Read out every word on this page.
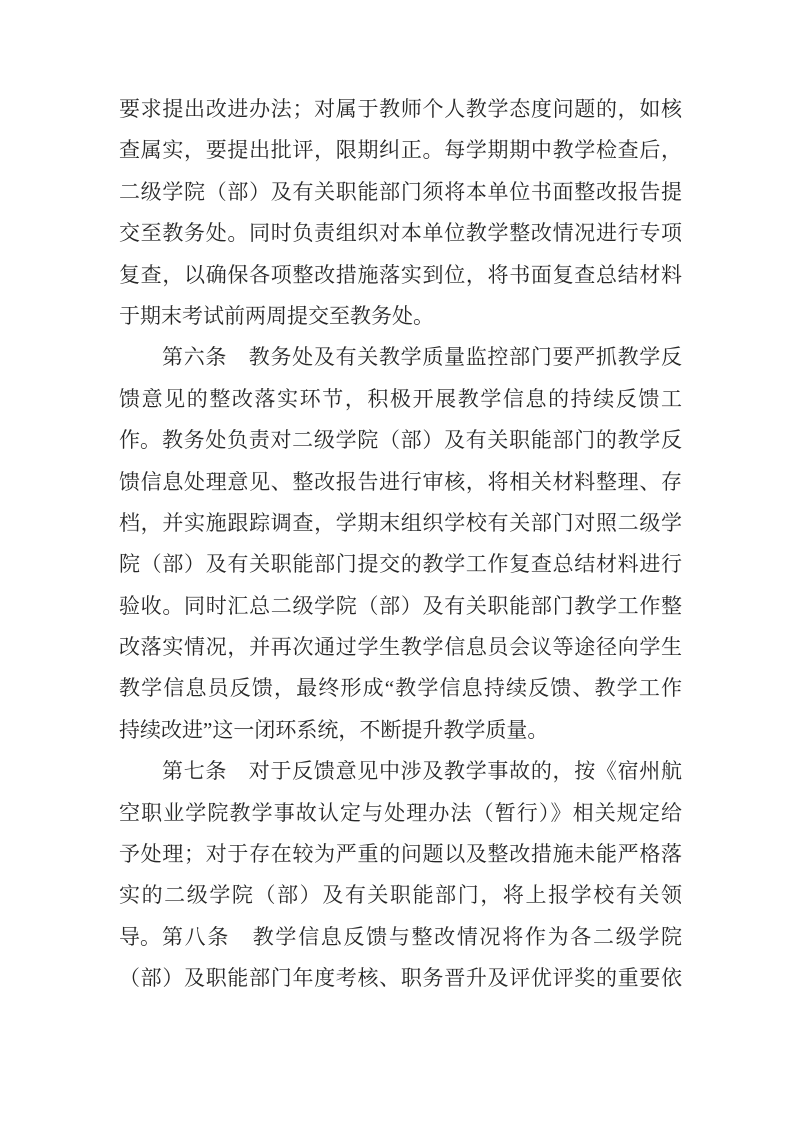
要求提出改进办法；对属于教师个人教学态度问题的，如核
查属实，要提出批评，限期纠正。每学期期中教学检查后，
二级学院（部）及有关职能部门须将本单位书面整改报告提
交至教务处。同时负责组织对本单位教学整改情况进行专项
复查，以确保各项整改措施落实到位，将书面复查总结材料
于期末考试前两周提交至教务处。
第六条　教务处及有关教学质量监控部门要严抓教学反
馈意见的整改落实环节，积极开展教学信息的持续反馈工作。 教务处负责对二级学院（部）及有关职能部门的教学反
馈信息处理意见、整改报告进行审核，将相关材料整理、存
档，并实施跟踪调查，学期末组织学校有关部门对照二级学
院（部）及有关职能部门提交的教学工作复查总结材料进行
验收。同时汇总二级学院（部）及有关职能部门教学工作整
改落实情况，并再次通过学生教学信息员会议等途径向学生
教学信息员反馈，最终形成“教学信息持续反馈、教学工作
持续改进”这一闭环系统，不断提升教学质量。
第七条　对于反馈意见中涉及教学事故的，按《宿州航
空职业学院教学事故认定与处理办法（暂行）》相关规定给
予处理；对于存在较为严重的问题以及整改措施未能严格落
实的二级学院（部）及有关职能部门，将上报学校有关领导。 第八条　教学信息反馈与整改情况将作为各二级学院
（部）及职能部门年度考核、职务晋升及评优评奖的重要依
